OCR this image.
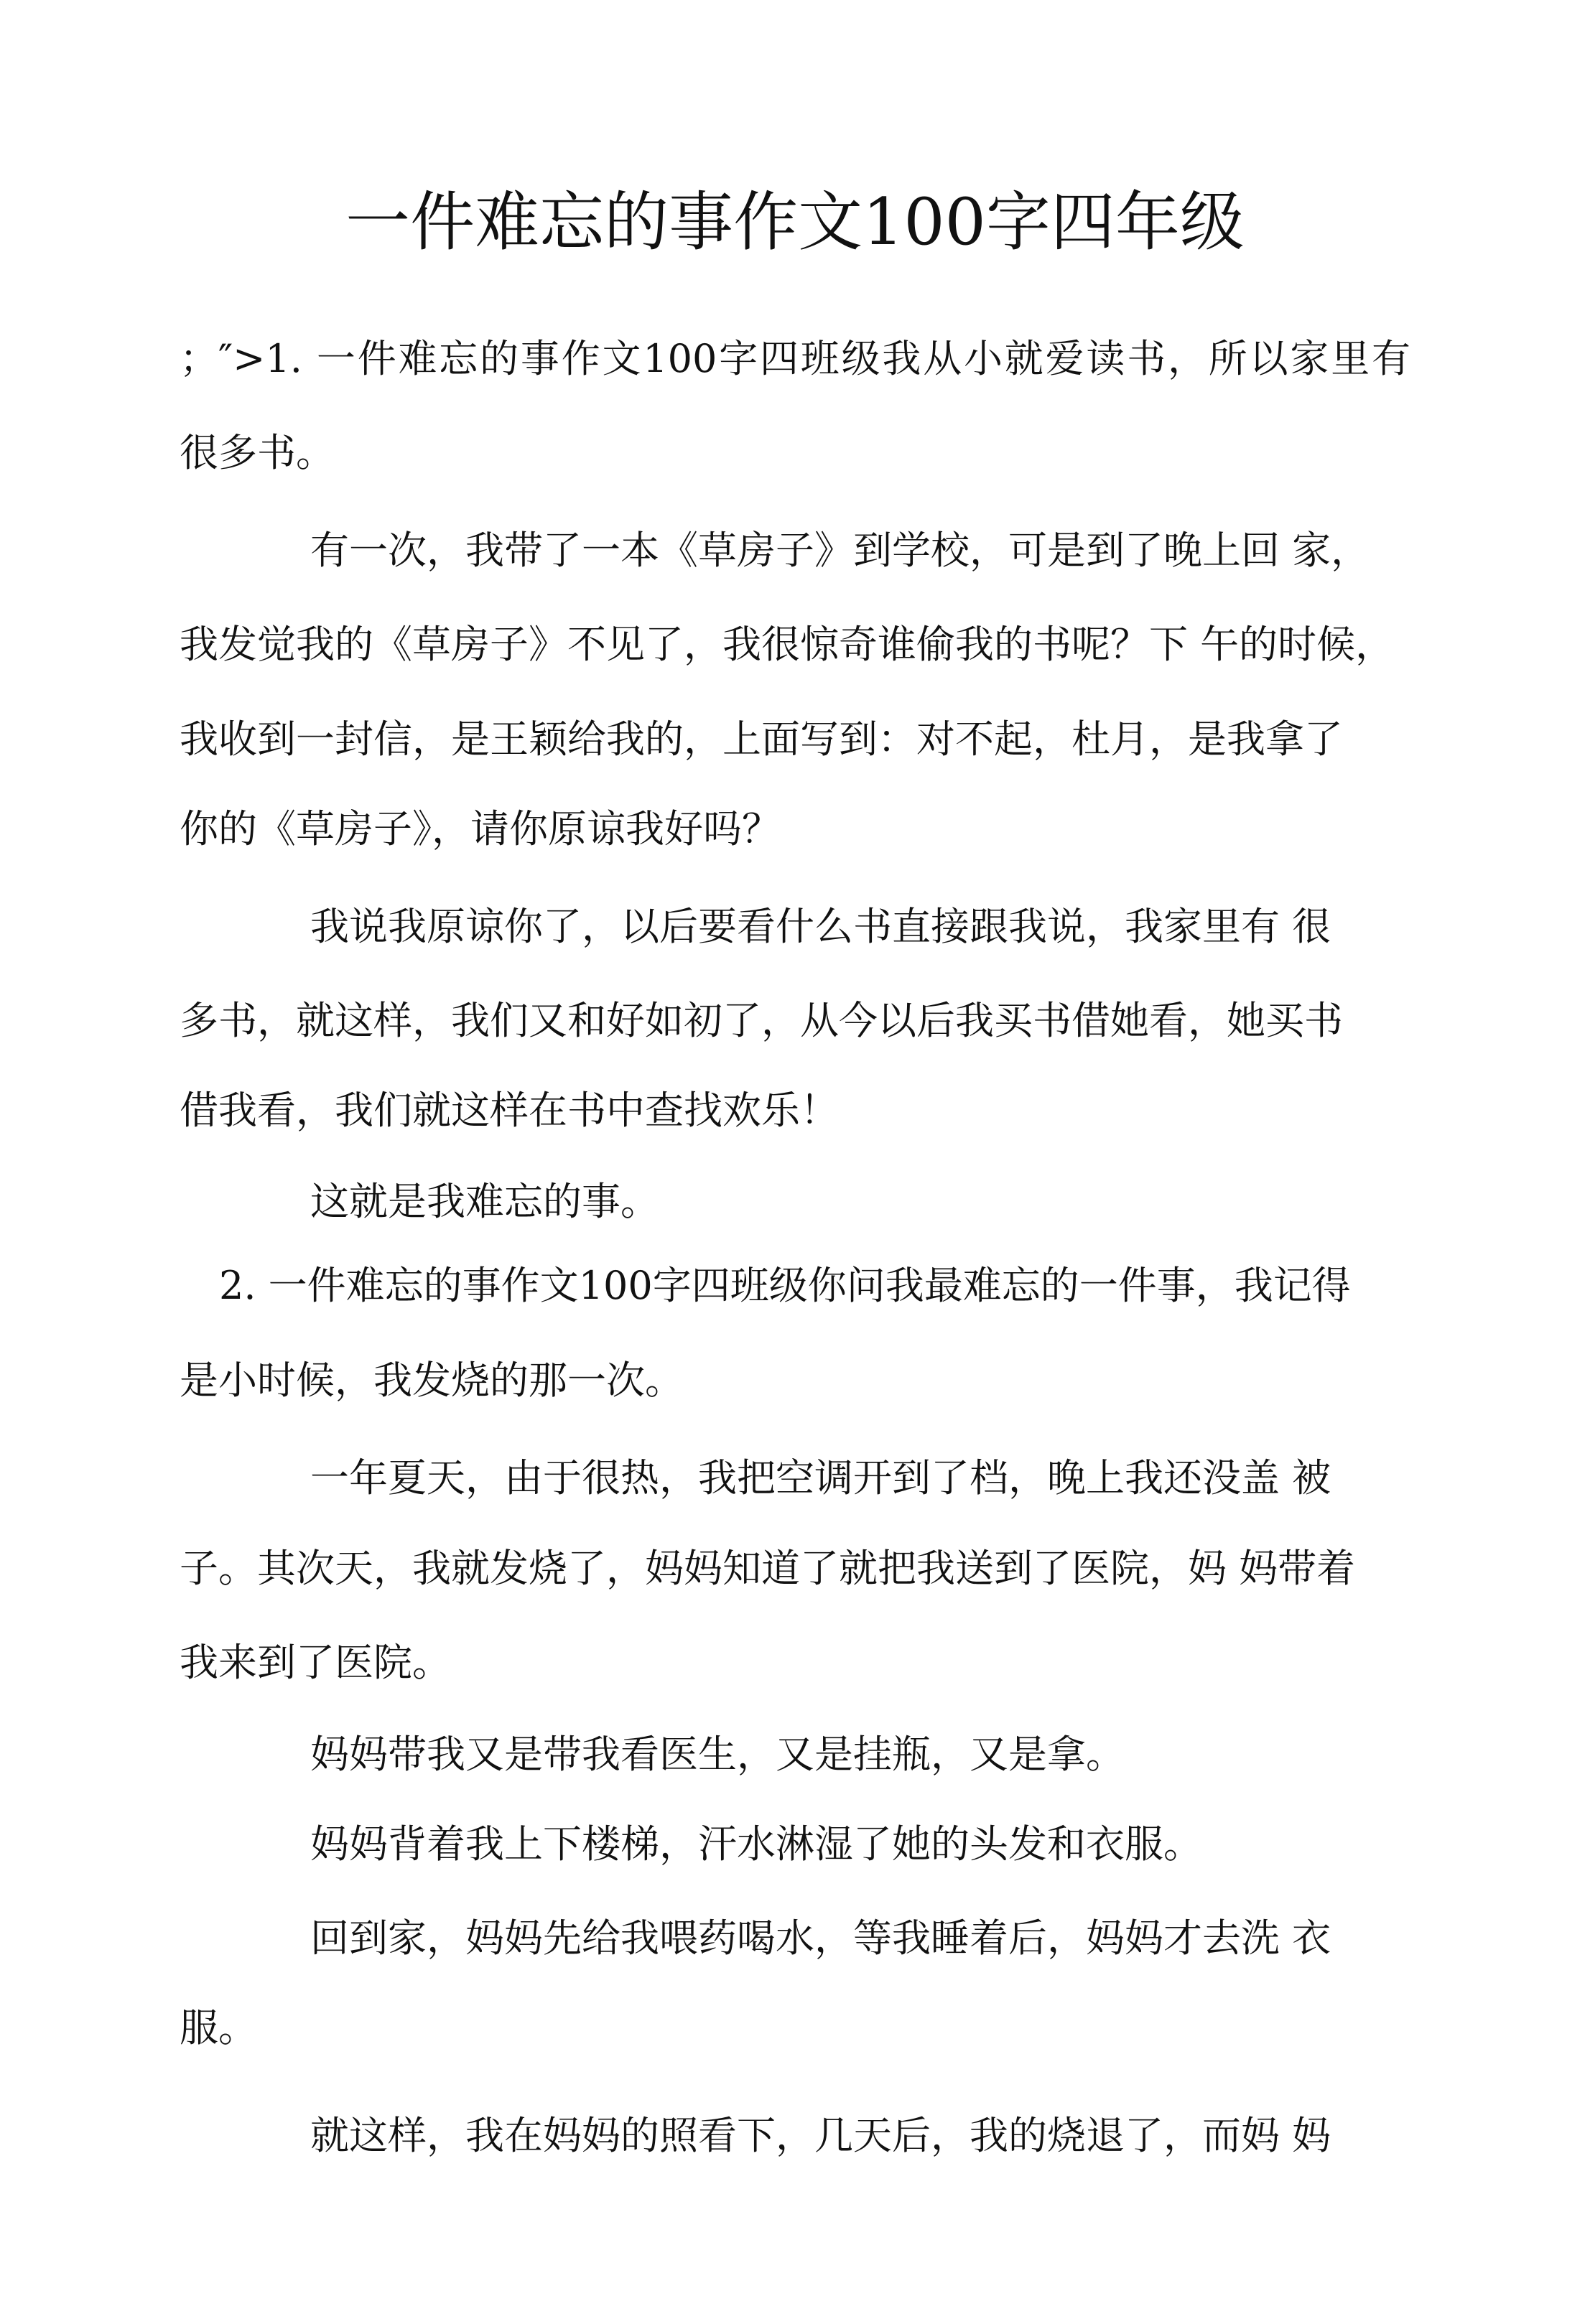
一件难忘的事作文100字四年级

；″>1. 一件难忘的事作文100字四班级我从小就爱读书，所以家里有

很多书。

有一次，我带了一本《草房子》到学校，可是到了晚上回 家，

我发觉我的《草房子》不见了，我很惊奇谁偷我的书呢？下 午的时候，

我收到一封信，是王颖给我的，上面写到：对不起，杜月，是我拿了

你的《草房子》，请你原谅我好吗？

我说我原谅你了，以后要看什么书直接跟我说，我家里有 很

多书，就这样，我们又和好如初了，从今以后我买书借她看，她买书

借我看，我们就这样在书中查找欢乐！

这就是我难忘的事。

2. 一件难忘的事作文100字四班级你问我最难忘的一件事，我记得

是小时候，我发烧的那一次。

一年夏天，由于很热，我把空调开到了档，晚上我还没盖 被

子。其次天，我就发烧了，妈妈知道了就把我送到了医院，妈 妈带着

我来到了医院。

妈妈带我又是带我看医生，又是挂瓶，又是拿。

妈妈背着我上下楼梯，汗水淋湿了她的头发和衣服。

回到家，妈妈先给我喂药喝水，等我睡着后，妈妈才去洗 衣

服。

就这样，我在妈妈的照看下，几天后，我的烧退了，而妈 妈
